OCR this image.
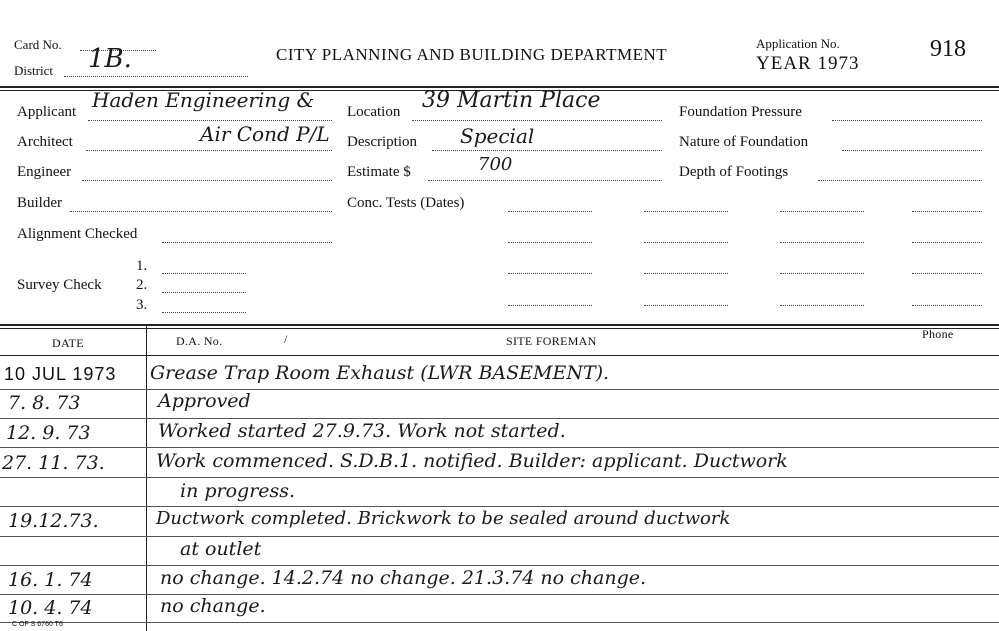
Card No.
District 1B.	CITY PLANNING AND BUILDING DEPARTMENT
Application No.
YEAR 1973
918
Applicant Haden Engineering &
Architect	Air Cond P/L
Engineer
Builder
Alignment Checked
Survey Check
1.
2.
3.
Location 39 Martin Place
Description Special
Estimate $	700
Conc. Tests (Dates)
Foundation Pressure
Nature of Foundation
Depth of Footings
DATE	D.A. No.	/	SITE FOREMAN	Phone
10 JUL 1973 Grease Trap Room Exhaust (LWR BASEMENT).
7. 8. 73	Approved
12. 9. 73	Worked started 27.9.73. Work not started.
27. 11. 73.	Work commenced. S.D.B.1. notified. Builder: applicant. Ductwork
in progress.
19.12.73.	Ductwork completed. Brickwork to be sealed around ductwork
at outlet
16. 1. 74	no change. 14.2.74 no change. 21.3.74 no change.
10. 4. 74	no change.
C OF S 6760 T6
